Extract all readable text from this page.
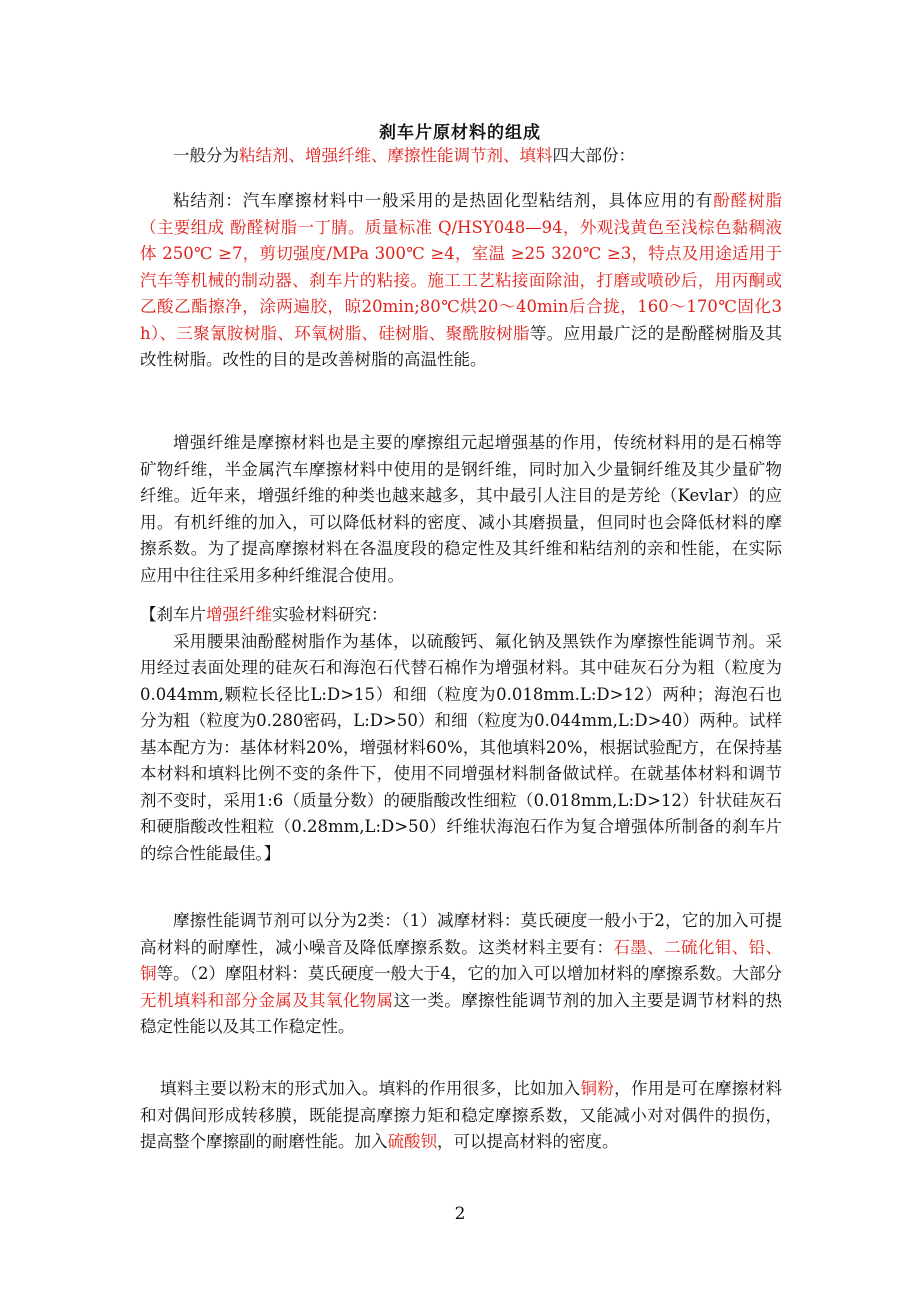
刹车片原材料的组成
一般分为粘结剂、增强纤维、摩擦性能调节剂、填料四大部份：
粘结剂：汽车摩擦材料中一般采用的是热固化型粘结剂，具体应用的有酚醛树脂（主要组成 酚醛树脂一丁腈。质量标准 Q/HSY048—94，外观浅黄色至浅棕色黏稠液体 250℃ ≥7，剪切强度/MPa 300℃ ≥4，室温 ≥25 320℃ ≥3，特点及用途适用于汽车等机械的制动器、刹车片的粘接。施工工艺粘接面除油，打磨或喷砂后，用丙酮或乙酸乙酯擦净，涂两遍胶，晾20min;80℃烘20～40min后合拢，160～170℃固化3h）、三聚氰胺树脂、环氧树脂、硅树脂、聚酰胺树脂等。应用最广泛的是酚醛树脂及其改性树脂。改性的目的是改善树脂的高温性能。
增强纤维是摩擦材料也是主要的摩擦组元起增强基的作用，传统材料用的是石棉等矿物纤维，半金属汽车摩擦材料中使用的是钢纤维，同时加入少量铜纤维及其少量矿物纤维。近年来，增强纤维的种类也越来越多，其中最引人注目的是芳纶（Kevlar）的应用。有机纤维的加入，可以降低材料的密度、减小其磨损量，但同时也会降低材料的摩擦系数。为了提高摩擦材料在各温度段的稳定性及其纤维和粘结剂的亲和性能，在实际应用中往往采用多种纤维混合使用。
【刹车片增强纤维实验材料研究：
采用腰果油酚醛树脂作为基体，以硫酸钙、氟化钠及黑铁作为摩擦性能调节剂。采用经过表面处理的硅灰石和海泡石代替石棉作为增强材料。其中硅灰石分为粗（粒度为0.044mm,颗粒长径比L:D>15）和细（粒度为0.018mm.L:D>12）两种；海泡石也分为粗（粒度为0.280密码，L:D>50）和细（粒度为0.044mm,L:D>40）两种。试样基本配方为：基体材料20%，增强材料60%，其他填料20%，根据试验配方，在保持基本材料和填料比例不变的条件下，使用不同增强材料制备做试样。在就基体材料和调节剂不变时，采用1:6（质量分数）的硬脂酸改性细粒（0.018mm,L:D>12）针状硅灰石和硬脂酸改性粗粒（0.28mm,L:D>50）纤维状海泡石作为复合增强体所制备的刹车片的综合性能最佳。】
摩擦性能调节剂可以分为2类：（1）减摩材料：莫氏硬度一般小于2，它的加入可提高材料的耐摩性，减小噪音及降低摩擦系数。这类材料主要有：石墨、二硫化钼、铅、铜等。（2）摩阻材料：莫氏硬度一般大于4，它的加入可以增加材料的摩擦系数。大部分无机填料和部分金属及其氧化物属这一类。摩擦性能调节剂的加入主要是调节材料的热稳定性能以及其工作稳定性。
填料主要以粉末的形式加入。填料的作用很多，比如加入铜粉，作用是可在摩擦材料和对偶间形成转移膜，既能提高摩擦力矩和稳定摩擦系数，又能减小对对偶件的损伤，提高整个摩擦副的耐磨性能。加入硫酸钡，可以提高材料的密度。
2
